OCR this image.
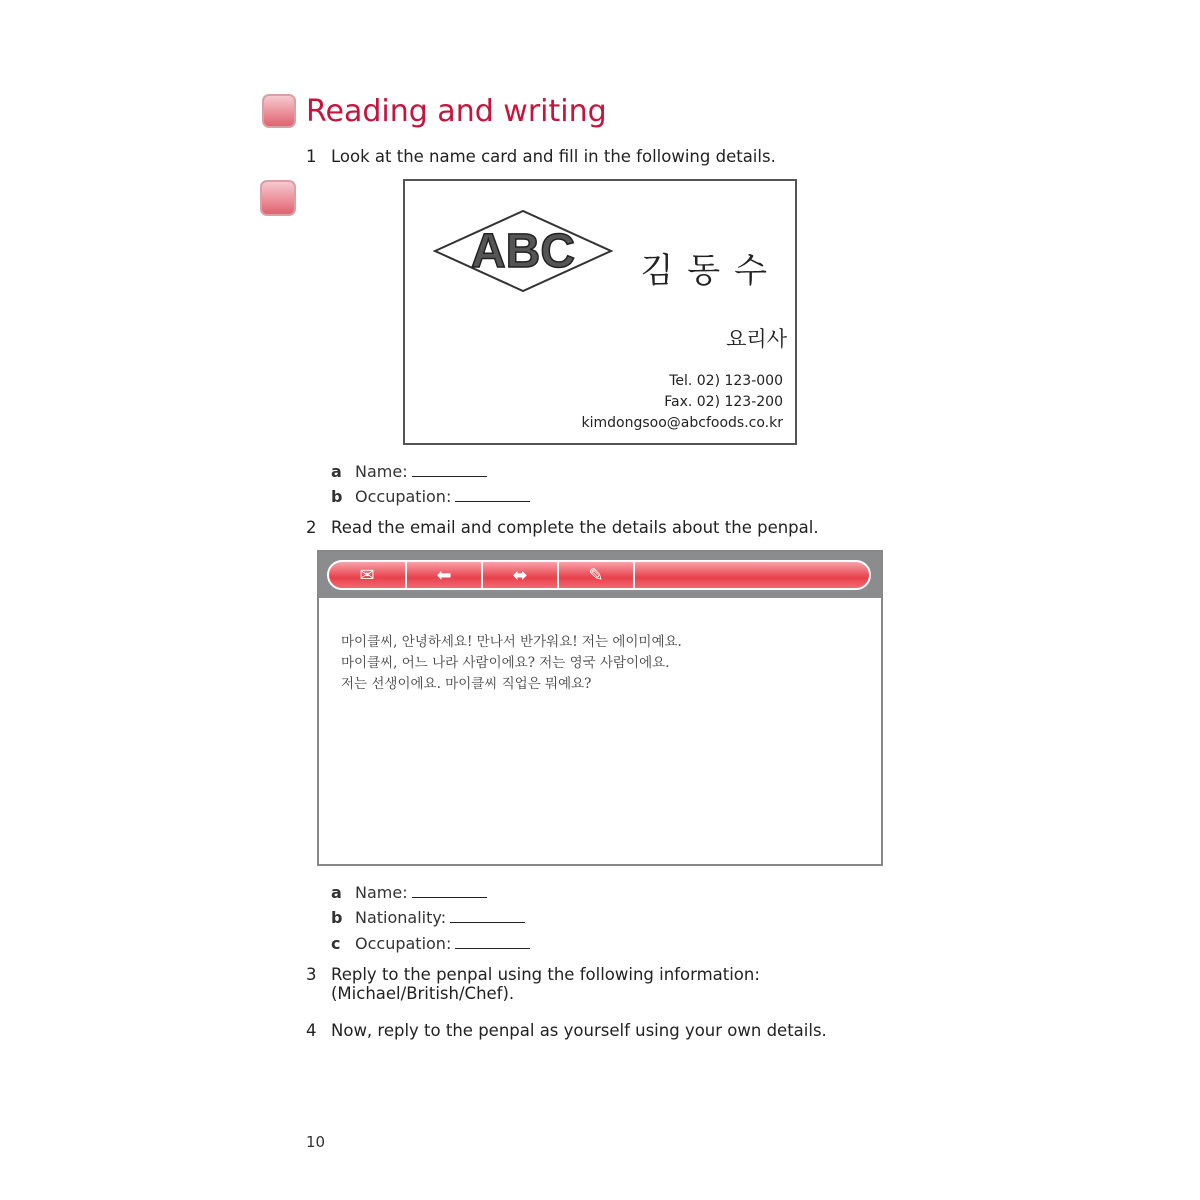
Reading and writing
1 Look at the name card and fill in the following details.
ABC 김동수
요리사
Tel. 02) 123-000
Fax. 02) 123-200
kimdongsoo@abcfoods.co.kr
a Name:
b Occupation:
2 Read the email and complete the details about the penpal.
✉	⬅	⬌	✎
마이클씨, 안녕하세요! 만나서 반가워요! 저는 에이미예요.
마이클씨, 어느 나라 사람이에요? 저는 영국 사람이에요.
저는 선생이에요. 마이클씨 직업은 뭐예요?
a Name:
b Nationality:
c Occupation:
3 Reply to the penpal using the following information:
(Michael/British/Chef).
4 Now, reply to the penpal as yourself using your own details.
10
